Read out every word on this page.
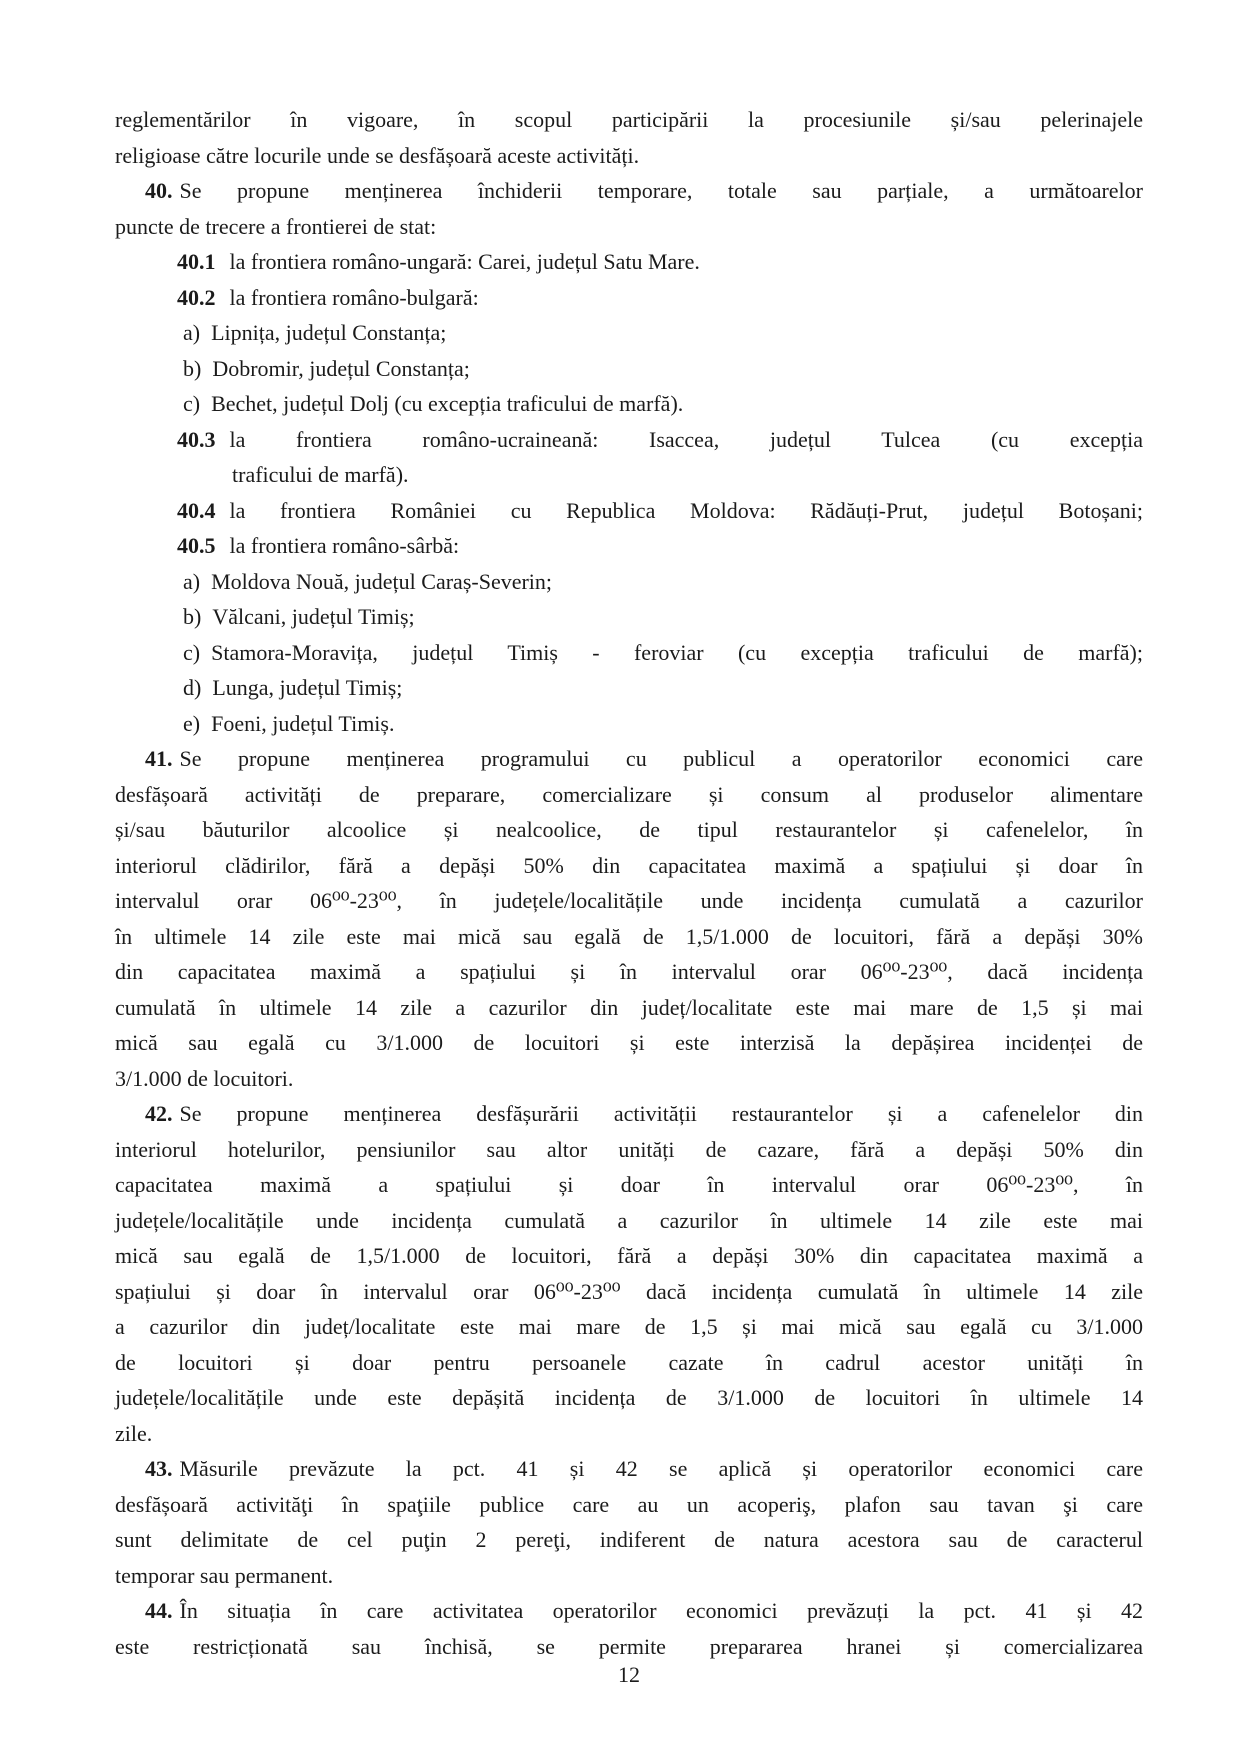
reglementărilor în vigoare, în scopul participării la procesiunile și/sau pelerinajele
religioase către locurile unde se desfășoară aceste activități.
40. Se propune menținerea închiderii temporare, totale sau parțiale, a următoarelor
puncte de trecere a frontierei de stat:
40.1 la frontiera româno-ungară: Carei, județul Satu Mare.
40.2 la frontiera româno-bulgară:
a) Lipnița, județul Constanța;
b) Dobromir, județul Constanța;
c) Bechet, județul Dolj (cu excepția traficului de marfă).
40.3 la frontiera româno-ucraineană: Isaccea, județul Tulcea (cu excepția
traficului de marfă).
40.4 la frontiera României cu Republica Moldova: Rădăuți-Prut, județul Botoșani;
40.5 la frontiera româno-sârbă:
a) Moldova Nouă, județul Caraș-Severin;
b) Vălcani, județul Timiș;
c) Stamora-Moravița, județul Timiș - feroviar (cu excepția traficului de marfă);
d) Lunga, județul Timiș;
e) Foeni, județul Timiș.
41. Se propune menținerea programului cu publicul a operatorilor economici care
desfășoară activități de preparare, comercializare și consum al produselor alimentare
și/sau băuturilor alcoolice și nealcoolice, de tipul restaurantelor și cafenelelor, în
interiorul clădirilor, fără a depăși 50% din capacitatea maximă a spațiului și doar în
intervalul orar 06⁰⁰-23⁰⁰, în județele/localitățile unde incidența cumulată a cazurilor
în ultimele 14 zile este mai mică sau egală de 1,5/1.000 de locuitori, fără a depăși 30%
din capacitatea maximă a spațiului și în intervalul orar 06⁰⁰-23⁰⁰, dacă incidența
cumulată în ultimele 14 zile a cazurilor din județ/localitate este mai mare de 1,5 și mai
mică sau egală cu 3/1.000 de locuitori și este interzisă la depășirea incidenței de
3/1.000 de locuitori.
42. Se propune menținerea desfășurării activității restaurantelor și a cafenelelor din
interiorul hotelurilor, pensiunilor sau altor unități de cazare, fără a depăși 50% din
capacitatea maximă a spațiului și doar în intervalul orar 06⁰⁰-23⁰⁰, în
județele/localitățile unde incidența cumulată a cazurilor în ultimele 14 zile este mai
mică sau egală de 1,5/1.000 de locuitori, fără a depăși 30% din capacitatea maximă a
spațiului și doar în intervalul orar 06⁰⁰-23⁰⁰ dacă incidența cumulată în ultimele 14 zile
a cazurilor din județ/localitate este mai mare de 1,5 și mai mică sau egală cu 3/1.000
de locuitori și doar pentru persoanele cazate în cadrul acestor unități în
județele/localitățile unde este depășită incidența de 3/1.000 de locuitori în ultimele 14
zile.
43. Măsurile prevăzute la pct. 41 și 42 se aplică și operatorilor economici care
desfășoară activităţi în spaţiile publice care au un acoperiş, plafon sau tavan şi care
sunt delimitate de cel puţin 2 pereţi, indiferent de natura acestora sau de caracterul
temporar sau permanent.
44. În situația în care activitatea operatorilor economici prevăzuți la pct. 41 și 42
este restricționată sau închisă, se permite prepararea hranei și comercializarea
12
